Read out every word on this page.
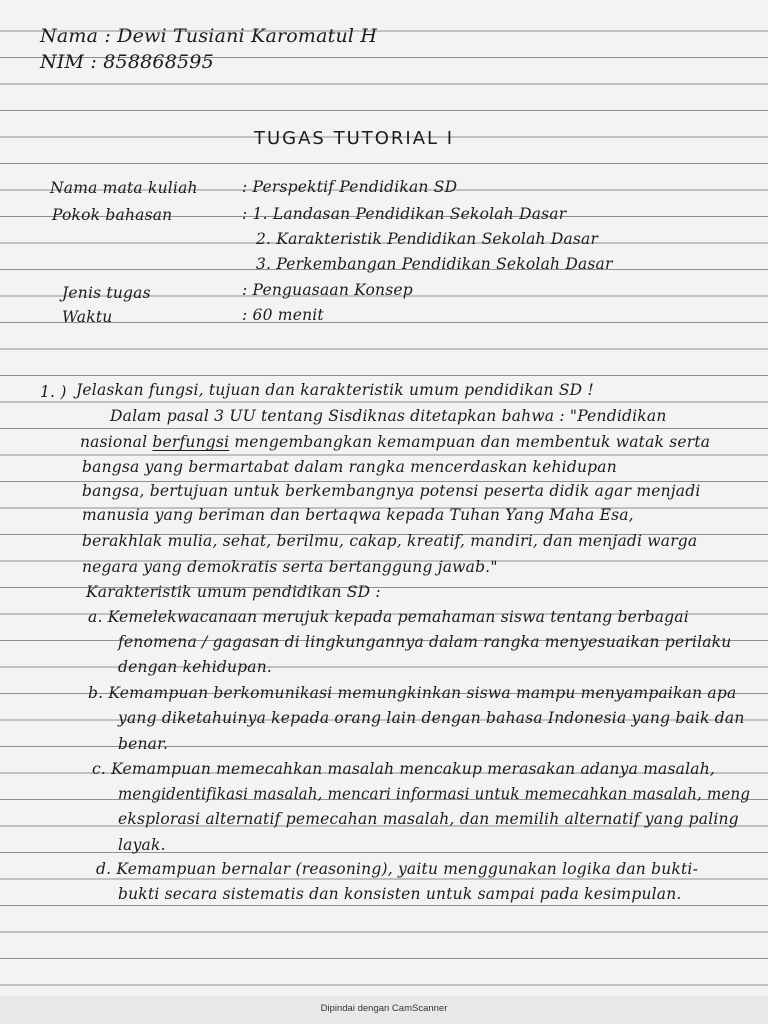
Nama : Dewi Tusiani Karomatul H
NIM : 858868595
TUGAS TUTORIAL I
Nama mata kuliah	: Perspektif Pendidikan SD
Pokok bahasan	: 1. Landasan Pendidikan Sekolah Dasar
2. Karakteristik Pendidikan Sekolah Dasar
3. Perkembangan Pendidikan Sekolah Dasar
Jenis tugas	: Penguasaan Konsep
Waktu	: 60 menit
1. ) Jelaskan fungsi, tujuan dan karakteristik umum pendidikan SD !
Dalam pasal 3 UU tentang Sisdiknas ditetapkan bahwa : "Pendidikan
nasional berfungsi mengembangkan kemampuan dan membentuk watak serta
bangsa yang bermartabat dalam rangka mencerdaskan kehidupan
bangsa, bertujuan untuk berkembangnya potensi peserta didik agar menjadi
manusia yang beriman dan bertaqwa kepada Tuhan Yang Maha Esa,
berakhlak mulia, sehat, berilmu, cakap, kreatif, mandiri, dan menjadi warga
negara yang demokratis serta bertanggung jawab."
Karakteristik umum pendidikan SD :
a. Kemelekwacanaan merujuk kepada pemahaman siswa tentang berbagai
fenomena / gagasan di lingkungannya dalam rangka menyesuaikan perilaku
dengan kehidupan.
b. Kemampuan berkomunikasi memungkinkan siswa mampu menyampaikan apa
yang diketahuinya kepada orang lain dengan bahasa Indonesia yang baik dan
benar.
c. Kemampuan memecahkan masalah mencakup merasakan adanya masalah,
mengidentifikasi masalah, mencari informasi untuk memecahkan masalah, meng
eksplorasi alternatif pemecahan masalah, dan memilih alternatif yang paling
layak.
d. Kemampuan bernalar (reasoning), yaitu menggunakan logika dan bukti-
bukti secara sistematis dan konsisten untuk sampai pada kesimpulan.
Dipindai dengan CamScanner
